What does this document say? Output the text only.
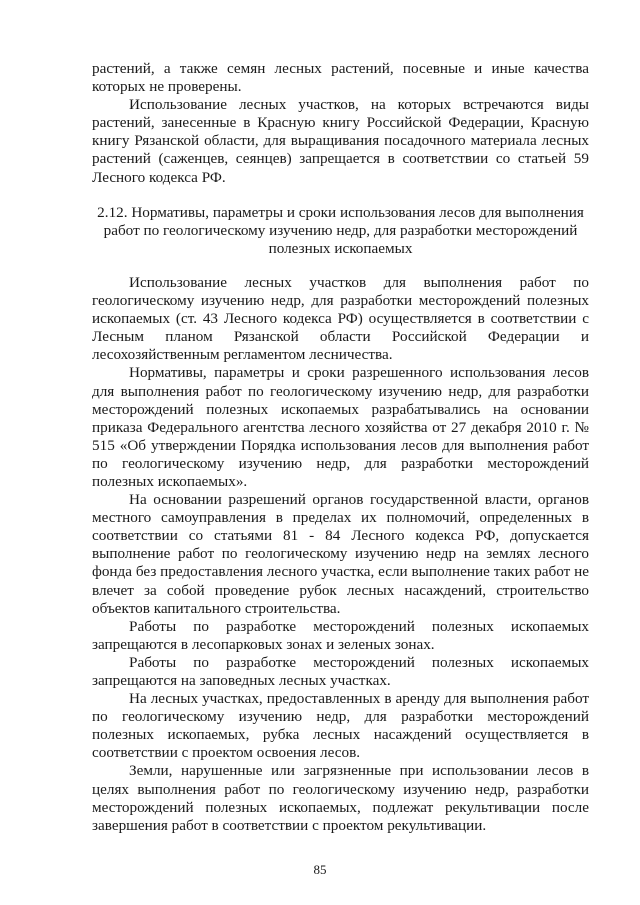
растений, а также семян лесных растений, посевные и иные качества которых не проверены.

Использование лесных участков, на которых встречаются виды растений, занесенные в Красную книгу Российской Федерации, Красную книгу Рязанской области, для выращивания посадочного материала лесных растений (саженцев, сеянцев) запрещается в соответствии со статьей 59 Лесного кодекса РФ.

2.12. Нормативы, параметры и сроки использования лесов для выполнения работ по геологическому изучению недр, для разработки месторождений полезных ископаемых

Использование лесных участков для выполнения работ по геологическому изучению недр, для разработки месторождений полезных ископаемых (ст. 43 Лесного кодекса РФ) осуществляется в соответствии с Лесным планом Рязанской области Российской Федерации и лесохозяйственным регламентом лесничества.

Нормативы, параметры и сроки разрешенного использования лесов для выполнения работ по геологическому изучению недр, для разработки месторождений полезных ископаемых разрабатывались на основании приказа Федерального агентства лесного хозяйства от 27 декабря 2010 г. № 515 «Об утверждении Порядка использования лесов для выполнения работ по геологическому изучению недр, для разработки месторождений полезных ископаемых».

На основании разрешений органов государственной власти, органов местного самоуправления в пределах их полномочий, определенных в соответствии со статьями 81 - 84 Лесного кодекса РФ, допускается выполнение работ по геологическому изучению недр на землях лесного фонда без предоставления лесного участка, если выполнение таких работ не влечет за собой проведение рубок лесных насаждений, строительство объектов капитального строительства.

Работы по разработке месторождений полезных ископаемых запрещаются в лесопарковых зонах и зеленых зонах.

Работы по разработке месторождений полезных ископаемых запрещаются на заповедных лесных участках.

На лесных участках, предоставленных в аренду для выполнения работ по геологическому изучению недр, для разработки месторождений полезных ископаемых, рубка лесных насаждений осуществляется в соответствии с проектом освоения лесов.

Земли, нарушенные или загрязненные при использовании лесов в целях выполнения работ по геологическому изучению недр, разработки месторождений полезных ископаемых, подлежат рекультивации после завершения работ в соответствии с проектом рекультивации.

85
